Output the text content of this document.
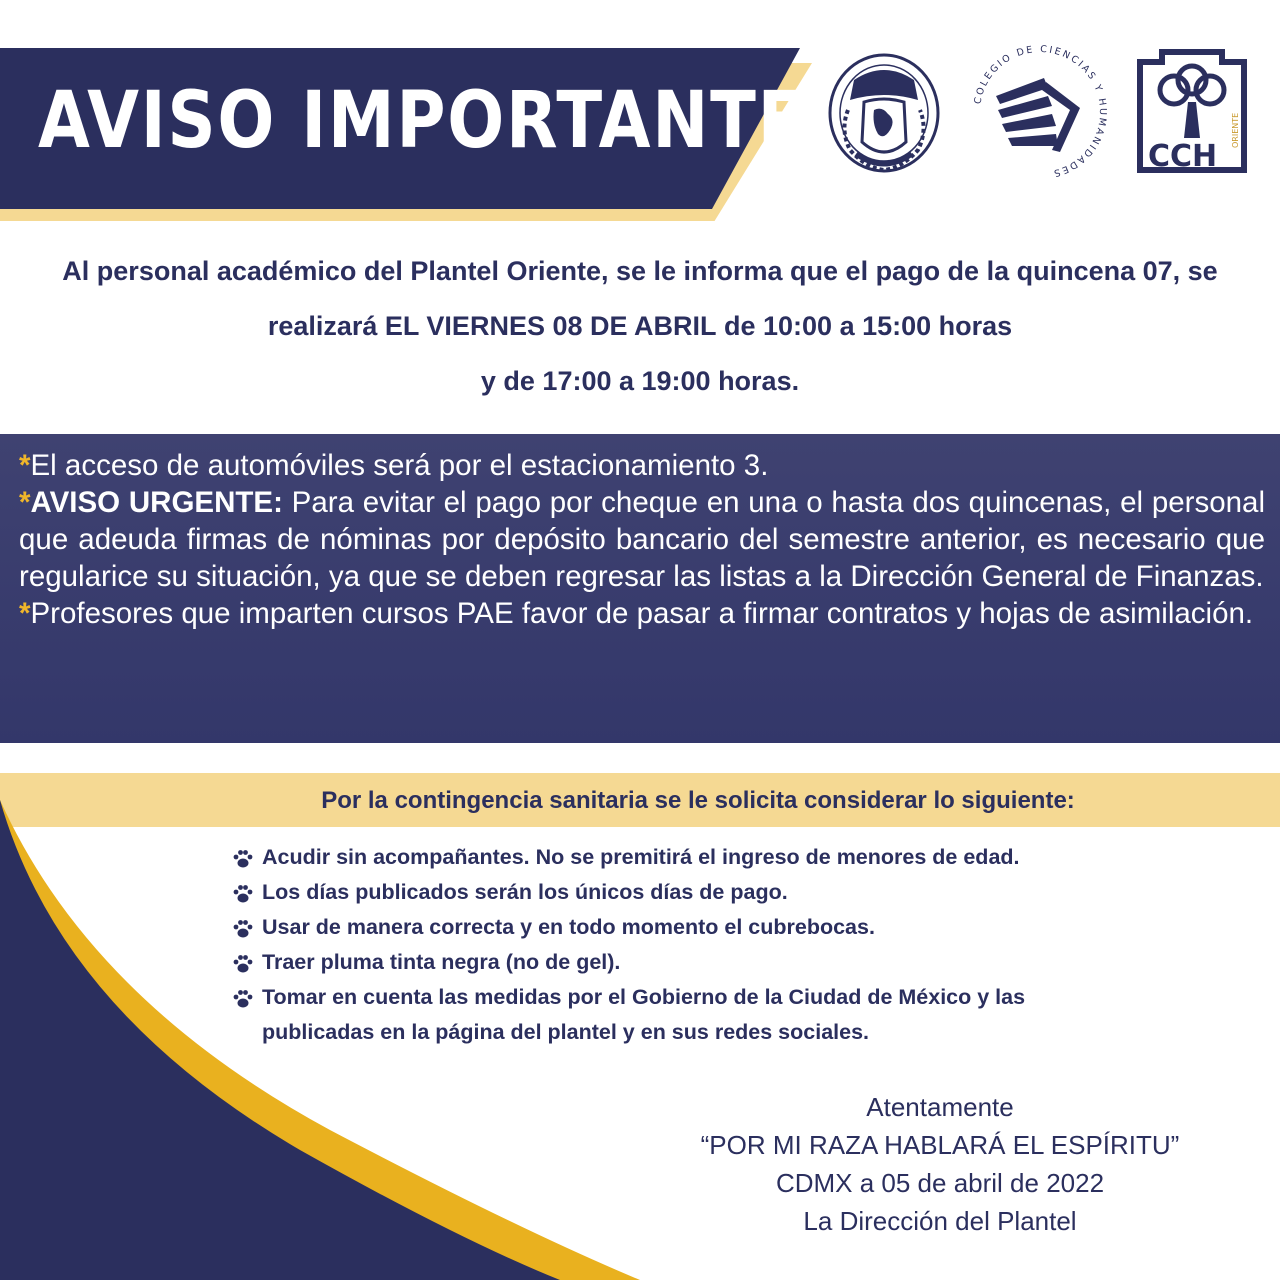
AVISO IMPORTANTE	COLEGIO DE CIENCIAS Y HUMANIDADES	CCH
ORIENTE
Al personal académico del Plantel Oriente, se le informa que el pago de la quincena 07, se realizará EL VIERNES 08 DE ABRIL de 10:00 a 15:00 horas
y de 17:00 a 19:00 horas.

*El acceso de automóviles será por el estacionamiento 3.

*AVISO URGENTE: Para evitar el pago por cheque en una o hasta dos quincenas, el personal que adeuda firmas de nóminas por depósito bancario del semestre anterior, es necesario que regularice su situación, ya que se deben regresar las listas a la Dirección General de Finanzas.

*Profesores que imparten cursos PAE favor de pasar a firmar contratos y hojas de asimilación.

Por la contingencia sanitaria se le solicita considerar lo siguiente:
Acudir sin acompañantes. No se premitirá el ingreso de menores de edad.
Los días publicados serán los únicos días de pago.
Usar de manera correcta y en todo momento el cubrebocas.
Traer pluma tinta negra (no de gel).
Tomar en cuenta las medidas por el Gobierno de la Ciudad de México y las publicadas en la página del plantel y en sus redes sociales.
Atentamente
“POR MI RAZA HABLARÁ EL ESPÍRITU”
CDMX a 05 de abril de 2022
La Dirección del Plantel
